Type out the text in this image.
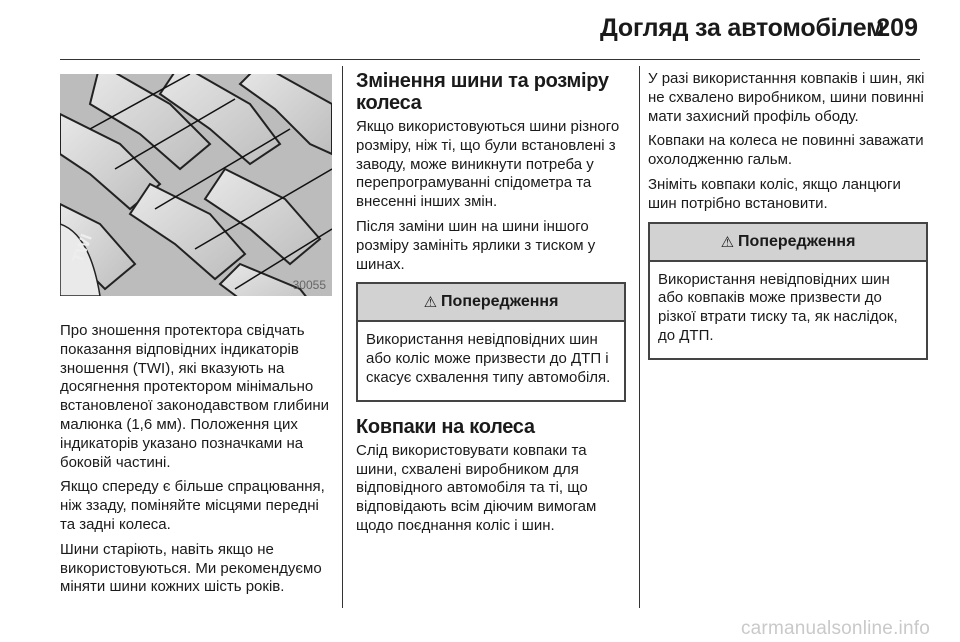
Догляд за автомобілем
209
TWI
30055

Про зношення протектора свідчать показання відповідних індикаторів зношення (TWI), які вказують на досягнення протектором мінімально встановленої законодавством глибини малюнка (1,6 мм). Положення цих індикаторів указано позначками на боковій частині.

Якщо спереду є більше спрацювання, ніж ззаду, поміняйте місцями передні та задні колеса.

Шини старіють, навіть якщо не використовуються. Ми рекомендуємо міняти шини кожних шість років.

Змінення шини та розміру колеса

Якщо використовуються шини різного розміру, ніж ті, що були встановлені з заводу, може виникнути потреба у перепрограмуванні спідометра та внесенні інших змін.

Після заміни шин на шини іншого розміру замініть ярлики з тиском у шинах.

⚠ Попередження

Використання невідповідних шин або коліс може призвести до ДТП і скасує схвалення типу автомобіля.

Ковпаки на колеса

Слід використовувати ковпаки та шини, схвалені виробником для відповідного автомобіля та ті, що відповідають всім діючим вимогам щодо поєднання коліс і шин.

У разі використанння ковпаків і шин, які не схвалено виробником, шини повинні мати захисний профіль ободу.

Ковпаки на колеса не повинні заважати охолодженню гальм.

Зніміть ковпаки коліс, якщо ланцюги шин потрібно встановити.

⚠ Попередження

Використання невідповідних шин або ковпаків може призвести до різкої втрати тиску та, як наслідок, до ДТП.

carmanualsonline.info
